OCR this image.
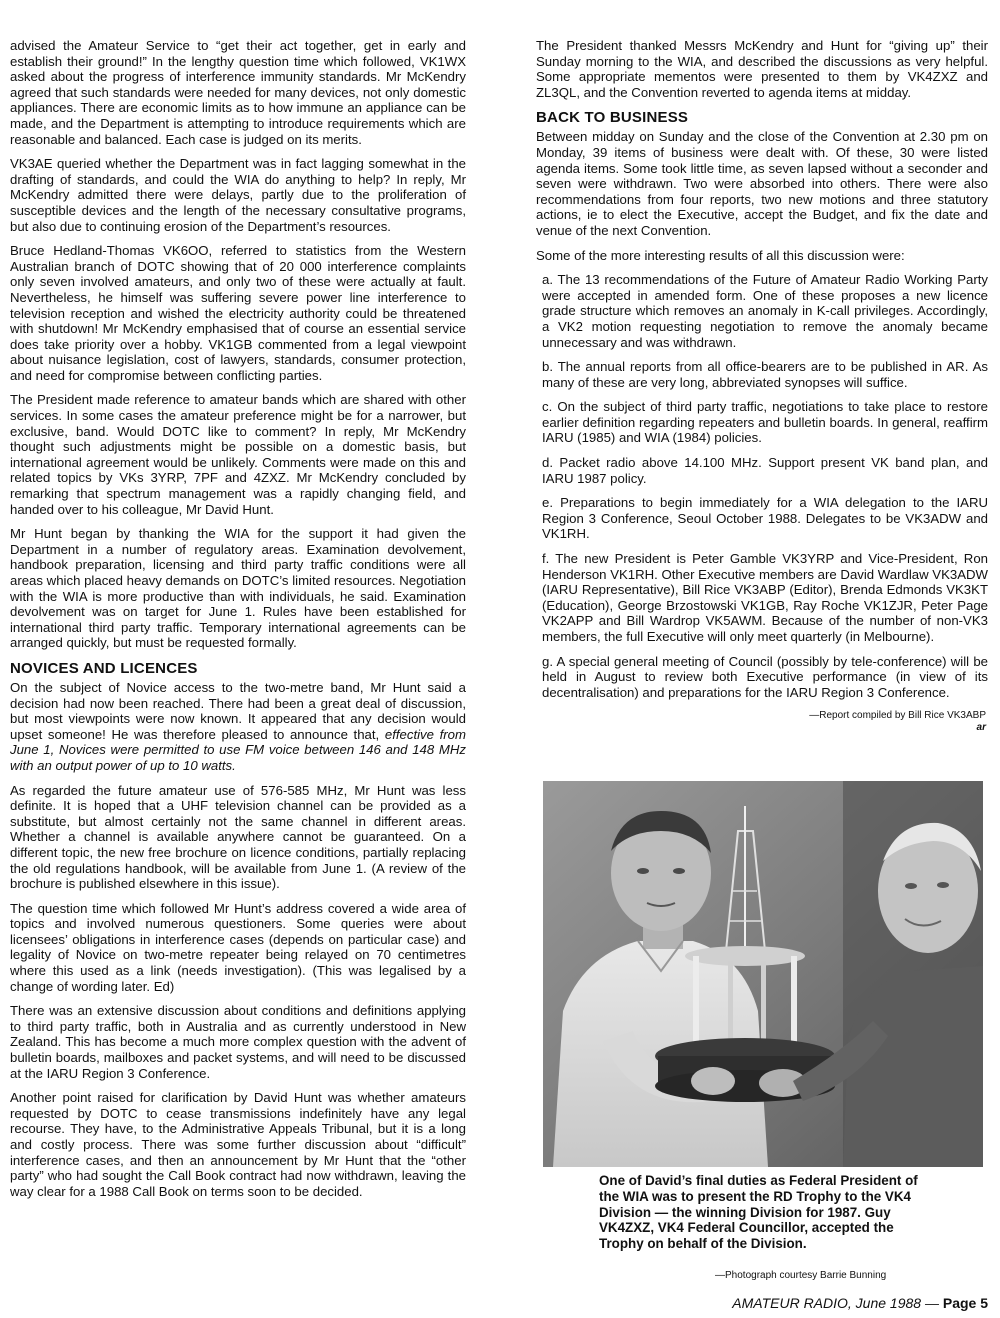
advised the Amateur Service to “get their act together, get in early and establish their ground!” In the lengthy question time which followed, VK1WX asked about the progress of interference immunity standards. Mr McKendry agreed that such standards were needed for many devices, not only domestic appliances. There are economic limits as to how immune an appliance can be made, and the Department is attempting to introduce requirements which are reasonable and balanced. Each case is judged on its merits.

VK3AE queried whether the Department was in fact lagging somewhat in the drafting of standards, and could the WIA do anything to help? In reply, Mr McKendry admitted there were delays, partly due to the proliferation of susceptible devices and the length of the necessary consultative programs, but also due to continuing erosion of the Department’s resources.

Bruce Hedland-Thomas VK6OO, referred to statistics from the Western Australian branch of DOTC showing that of 20 000 interference complaints only seven involved amateurs, and only two of these were actually at fault. Nevertheless, he himself was suffering severe power line interference to television reception and wished the electricity authority could be threatened with shutdown! Mr McKendry emphasised that of course an essential service does take priority over a hobby. VK1GB commented from a legal viewpoint about nuisance legislation, cost of lawyers, standards, consumer protection, and need for compromise between conflicting parties.

The President made reference to amateur bands which are shared with other services. In some cases the amateur preference might be for a narrower, but exclusive, band. Would DOTC like to comment? In reply, Mr McKendry thought such adjustments might be possible on a domestic basis, but international agreement would be unlikely. Comments were made on this and related topics by VKs 3YRP, 7PF and 4ZXZ. Mr McKendry concluded by remarking that spectrum management was a rapidly changing field, and handed over to his colleague, Mr David Hunt.

Mr Hunt began by thanking the WIA for the support it had given the Department in a number of regulatory areas. Examination devolvement, handbook preparation, licensing and third party traffic conditions were all areas which placed heavy demands on DOTC’s limited resources. Negotiation with the WIA is more productive than with individuals, he said. Examination devolvement was on target for June 1. Rules have been established for international third party traffic. Temporary international agreements can be arranged quickly, but must be requested formally.

NOVICES AND LICENCES

On the subject of Novice access to the two-metre band, Mr Hunt said a decision had now been reached. There had been a great deal of discussion, but most viewpoints were now known. It appeared that any decision would upset someone! He was therefore pleased to announce that, effective from June 1, Novices were permitted to use FM voice between 146 and 148 MHz with an output power of up to 10 watts.

As regarded the future amateur use of 576-585 MHz, Mr Hunt was less definite. It is hoped that a UHF television channel can be provided as a substitute, but almost certainly not the same channel in different areas. Whether a channel is available anywhere cannot be guaranteed. On a different topic, the new free brochure on licence conditions, partially replacing the old regulations handbook, will be available from June 1. (A review of the brochure is published elsewhere in this issue).

The question time which followed Mr Hunt’s address covered a wide area of topics and involved numerous questioners. Some queries were about licensees’ obligations in interference cases (depends on particular case) and legality of Novice on two-metre repeater being relayed on 70 centimetres where this used as a link (needs investigation). (This was legalised by a change of wording later. Ed)

There was an extensive discussion about conditions and definitions applying to third party traffic, both in Australia and as currently understood in New Zealand. This has become a much more complex question with the advent of bulletin boards, mailboxes and packet systems, and will need to be discussed at the IARU Region 3 Conference.

Another point raised for clarification by David Hunt was whether amateurs requested by DOTC to cease transmissions indefinitely have any legal recourse. They have, to the Administrative Appeals Tribunal, but it is a long and costly process. There was some further discussion about “difficult” interference cases, and then an announcement by Mr Hunt that the “other party” who had sought the Call Book contract had now withdrawn, leaving the way clear for a 1988 Call Book on terms soon to be decided.

The President thanked Messrs McKendry and Hunt for “giving up” their Sunday morning to the WIA, and described the discussions as very helpful. Some appropriate mementos were presented to them by VK4ZXZ and ZL3QL, and the Convention reverted to agenda items at midday.

BACK TO BUSINESS

Between midday on Sunday and the close of the Convention at 2.30 pm on Monday, 39 items of business were dealt with. Of these, 30 were listed agenda items. Some took little time, as seven lapsed without a seconder and seven were withdrawn. Two were absorbed into others. There were also recommendations from four reports, two new motions and three statutory actions, ie to elect the Executive, accept the Budget, and fix the date and venue of the next Convention.

Some of the more interesting results of all this discussion were:

a. The 13 recommendations of the Future of Amateur Radio Working Party were accepted in amended form. One of these proposes a new licence grade structure which removes an anomaly in K-call privileges. Accordingly, a VK2 motion requesting negotiation to remove the anomaly became unnecessary and was withdrawn.

b. The annual reports from all office-bearers are to be published in AR. As many of these are very long, abbreviated synopses will suffice.

c. On the subject of third party traffic, negotiations to take place to restore earlier definition regarding repeaters and bulletin boards. In general, reaffirm IARU (1985) and WIA (1984) policies.

d. Packet radio above 14.100 MHz. Support present VK band plan, and IARU 1987 policy.

e. Preparations to begin immediately for a WIA delegation to the IARU Region 3 Conference, Seoul October 1988. Delegates to be VK3ADW and VK1RH.

f. The new President is Peter Gamble VK3YRP and Vice-President, Ron Henderson VK1RH. Other Executive members are David Wardlaw VK3ADW (IARU Representative), Bill Rice VK3ABP (Editor), Brenda Edmonds VK3KT (Education), George Brzostowski VK1GB, Ray Roche VK1ZJR, Peter Page VK2APP and Bill Wardrop VK5AWM. Because of the number of non-VK3 members, the full Executive will only meet quarterly (in Melbourne).

g. A special general meeting of Council (possibly by tele-conference) will be held in August to review both Executive performance (in view of its decentralisation) and preparations for the IARU Region 3 Conference.

—Report compiled by Bill Rice VK3ABP
ar
One of David’s final duties as Federal President of the WIA was to present the RD Trophy to the VK4 Division — the winning Division for 1987. Guy VK4ZXZ, VK4 Federal Councillor, accepted the Trophy on behalf of the Division.
—Photograph courtesy Barrie Bunning
AMATEUR RADIO, June 1988 — Page 5
